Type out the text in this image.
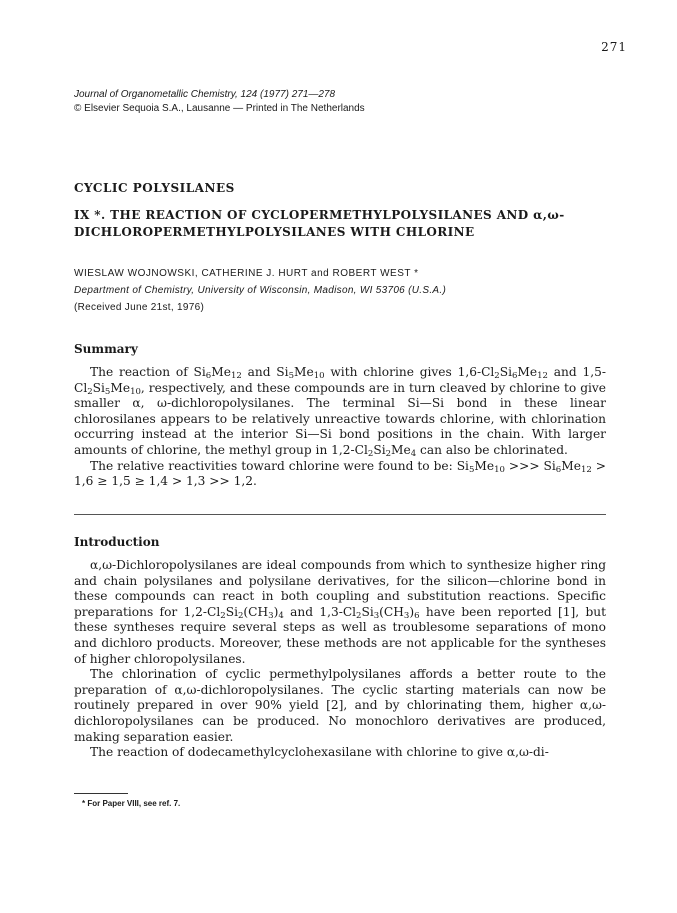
271
Journal of Organometallic Chemistry, 124 (1977) 271—278
© Elsevier Sequoia S.A., Lausanne — Printed in The Netherlands
CYCLIC POLYSILANES
IX *. THE REACTION OF CYCLOPERMETHYLPOLYSILANES AND α,ω-DICHLOROPERMETHYLPOLYSILANES WITH CHLORINE
WIESLAW WOJNOWSKI, CATHERINE J. HURT and ROBERT WEST *
Department of Chemistry, University of Wisconsin, Madison, WI 53706 (U.S.A.)
(Received June 21st, 1976)
Summary

The reaction of $Si_6Me_{12}$ and $Si_5Me_{10}$ with chlorine gives $1,6-Cl_2Si_6Me_{12}$ and $1,5-Cl_2Si_5Me_{10}$, respectively, and these compounds are in turn cleaved by chlorine to give smaller α, ω-dichloropolysilanes. The terminal Si—Si bond in these linear chlorosilanes appears to be relatively unreactive towards chlorine, with chlorination occurring instead at the interior Si—Si bond positions in the chain. With larger amounts of chlorine, the methyl group in $1,2-Cl_2Si_2Me_4$ can also be chlorinated.

The relative reactivities toward chlorine were found to be: $Si_5Me_{10}$ >>> $Si_6Me_{12} > 1,6 \ge 1,5 \ge 1,4 > 1,3 >> 1,2$.

Introduction

α,ω-Dichloropolysilanes are ideal compounds from which to synthesize higher ring and chain polysilanes and polysilane derivatives, for the silicon—chlorine bond in these compounds can react in both coupling and substitution reactions. Specific preparations for $1,2-Cl_2Si_2(CH_3)_4$ and $1,3-Cl_2Si_3(CH_3)_6$ have been reported [1], but these syntheses require several steps as well as troublesome separations of mono and dichloro products. Moreover, these methods are not applicable for the syntheses of higher chloropolysilanes.

The chlorination of cyclic permethylpolysilanes affords a better route to the preparation of α,ω-dichloropolysilanes. The cyclic starting materials can now be routinely prepared in over 90% yield [2], and by chlorinating them, higher α,ω-dichloropolysilanes can be produced. No monochloro derivatives are produced, making separation easier.

The reaction of dodecamethylcyclohexasilane with chlorine to give α,ω-di-

* For Paper VIII, see ref. 7.
